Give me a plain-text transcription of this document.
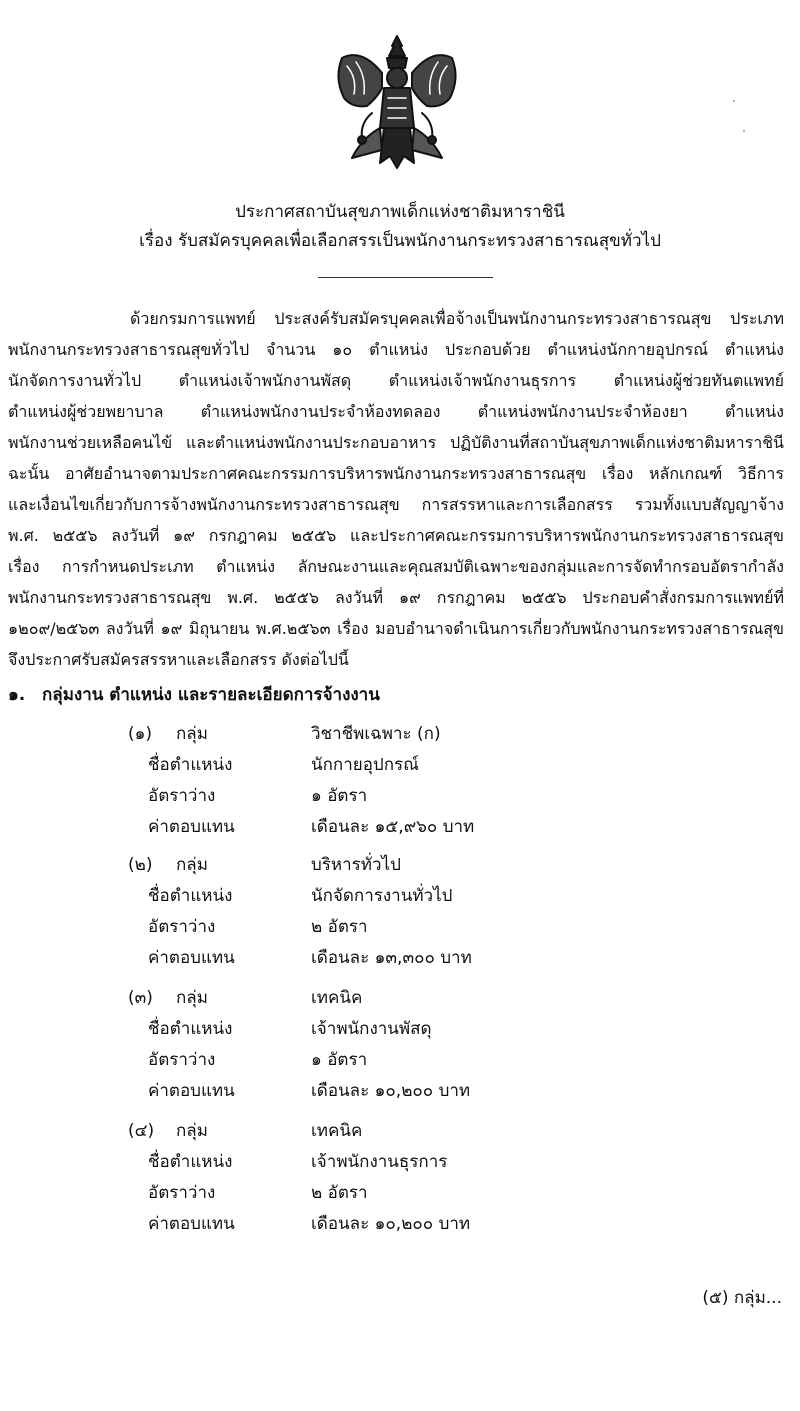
ประกาศสถาบันสุขภาพเด็กแห่งชาติมหาราชินี
เรื่อง รับสมัครบุคคลเพื่อเลือกสรรเป็นพนักงานกระทรวงสาธารณสุขทั่วไป
ด้วยกรมการแพทย์ ประสงค์รับสมัครบุคคลเพื่อจ้างเป็นพนักงานกระทรวงสาธารณสุข ประเภท
พนักงานกระทรวงสาธารณสุขทั่วไป จำนวน ๑๐ ตำแหน่ง ประกอบด้วย ตำแหน่งนักกายอุปกรณ์ ตำแหน่ง
นักจัดการงานทั่วไป ตำแหน่งเจ้าพนักงานพัสดุ ตำแหน่งเจ้าพนักงานธุรการ ตำแหน่งผู้ช่วยทันตแพทย์
ตำแหน่งผู้ช่วยพยาบาล ตำแหน่งพนักงานประจำห้องทดลอง ตำแหน่งพนักงานประจำห้องยา ตำแหน่ง
พนักงานช่วยเหลือคนไข้ และตำแหน่งพนักงานประกอบอาหาร ปฏิบัติงานที่สถาบันสุขภาพเด็กแห่งชาติมหาราชินี
ฉะนั้น อาศัยอำนาจตามประกาศคณะกรรมการบริหารพนักงานกระทรวงสาธารณสุข เรื่อง หลักเกณฑ์ วิธีการ
และเงื่อนไขเกี่ยวกับการจ้างพนักงานกระทรวงสาธารณสุข การสรรหาและการเลือกสรร รวมทั้งแบบสัญญาจ้าง
พ.ศ. ๒๕๕๖ ลงวันที่ ๑๙ กรกฎาคม ๒๕๕๖ และประกาศคณะกรรมการบริหารพนักงานกระทรวงสาธารณสุข
เรื่อง การกำหนดประเภท ตำแหน่ง ลักษณะงานและคุณสมบัติเฉพาะของกลุ่มและการจัดทำกรอบอัตรากำลัง
พนักงานกระทรวงสาธารณสุข พ.ศ. ๒๕๕๖ ลงวันที่ ๑๙ กรกฎาคม ๒๕๕๖ ประกอบคำสั่งกรมการแพทย์ที่
๑๒๐๙/๒๕๖๓ ลงวันที่ ๑๙ มิถุนายน พ.ศ.๒๕๖๓ เรื่อง มอบอำนาจดำเนินการเกี่ยวกับพนักงานกระทรวงสาธารณสุข
จึงประกาศรับสมัครสรรหาและเลือกสรร ดังต่อไปนี้
๑. กลุ่มงาน ตำแหน่ง และรายละเอียดการจ้างงาน
(๑) กลุ่ม	วิชาชีพเฉพาะ (ก)
ชื่อตำแหน่ง	นักกายอุปกรณ์
อัตราว่าง	๑ อัตรา
ค่าตอบแทน	เดือนละ ๑๕,๙๖๐ บาท
(๒) กลุ่ม	บริหารทั่วไป
ชื่อตำแหน่ง	นักจัดการงานทั่วไป
อัตราว่าง	๒ อัตรา
ค่าตอบแทน	เดือนละ ๑๓,๓๐๐ บาท
(๓) กลุ่ม	เทคนิค
ชื่อตำแหน่ง	เจ้าพนักงานพัสดุ
อัตราว่าง	๑ อัตรา
ค่าตอบแทน	เดือนละ ๑๐,๒๐๐ บาท
(๔) กลุ่ม	เทคนิค
ชื่อตำแหน่ง	เจ้าพนักงานธุรการ
อัตราว่าง	๒ อัตรา
ค่าตอบแทน	เดือนละ ๑๐,๒๐๐ บาท
(๕) กลุ่ม...
